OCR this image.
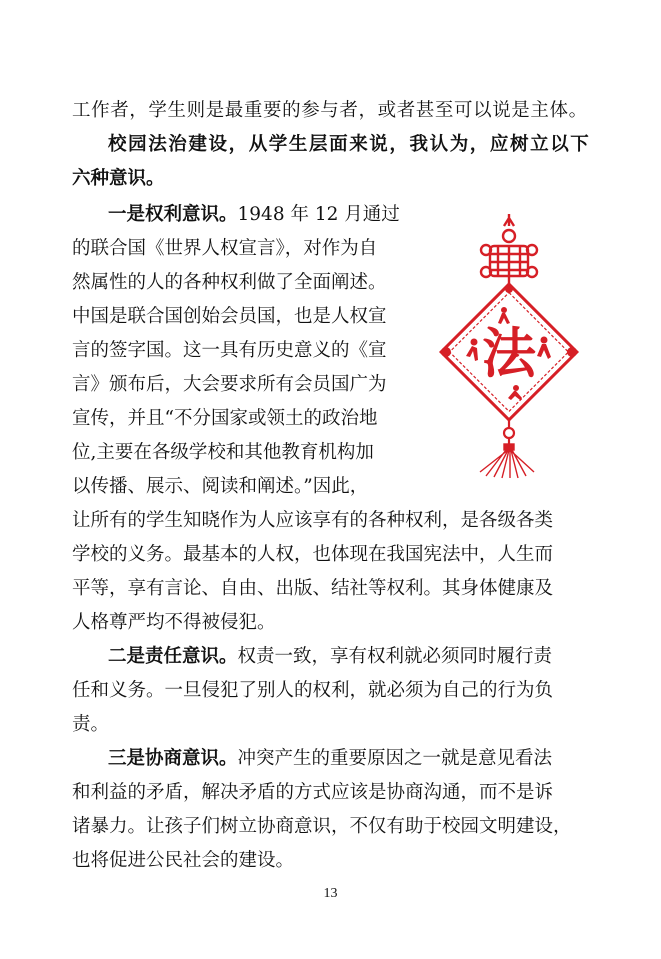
工作者，学生则是最重要的参与者，或者甚至可以说是主体。
校园法治建设，从学生层面来说，我认为，应树立以下
六种意识。
一是权利意识。1948 年 12 月通过
的联合国《世界人权宣言》，对作为自
然属性的人的各种权利做了全面阐述。
中国是联合国创始会员国，也是人权宣
言的签字国。这一具有历史意义的《宣
言》颁布后，大会要求所有会员国广为
宣传，并且“不分国家或领土的政治地
位,主要在各级学校和其他教育机构加
以传播、展示、阅读和阐述。”因此，
让所有的学生知晓作为人应该享有的各种权利，是各级各类
学校的义务。最基本的人权，也体现在我国宪法中，人生而
平等，享有言论、自由、出版、结社等权利。其身体健康及
人格尊严均不得被侵犯。
二是责任意识。权责一致，享有权利就必须同时履行责
任和义务。一旦侵犯了别人的权利，就必须为自己的行为负
责。
三是协商意识。冲突产生的重要原因之一就是意见看法
和利益的矛盾，解决矛盾的方式应该是协商沟通，而不是诉
诸暴力。让孩子们树立协商意识，不仅有助于校园文明建设，
也将促进公民社会的建设。
法
13
